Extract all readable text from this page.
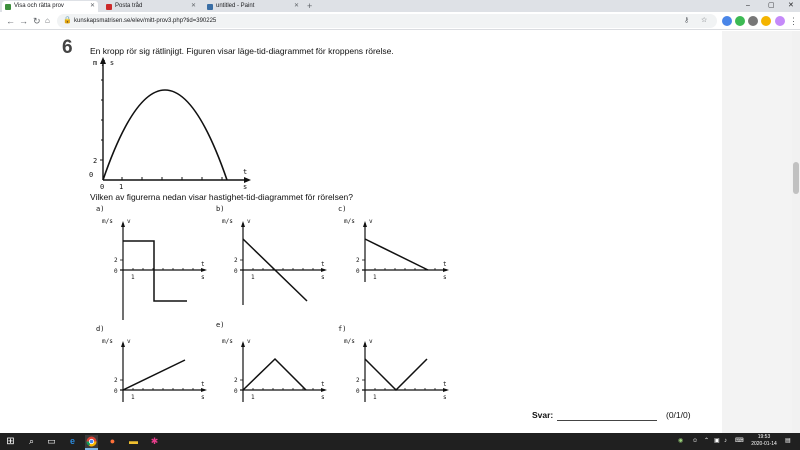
Visa och rätta prov	✕	Posta tråd	✕	untitled - Paint	✕ +	–	▢ ✕
← → ↻ ⌂ 🔒 kunskapsmatrisen.se/elev/mitt-prov3.php?tid=390225	⚷ ☆	⋮
6 En kropp rör sig rätlinjigt. Figuren visar läge-tid-diagrammet för kroppens rörelse.
Vilken av figurerna nedan visar hastighet-tid-diagrammet för rörelsen?
m / s
2
0 1
t
s
0
a)
m/s v
2
0
1
t
s
b)
m/s v
2
0
1
t
s
c)
m/s v
2
0
1
t
s
d)
m/s v
2
0
1
t
s
e)
m/s v
2
0
1
t
s
f)
m/s v
2
0
1
t
s
Svar:	(0/1/0)
⊞	⌕	▭	e	●	▬	✱	◉ ☺ ⌃ ▣ ♪ ⌨
19:53
2020-01-14	▤
